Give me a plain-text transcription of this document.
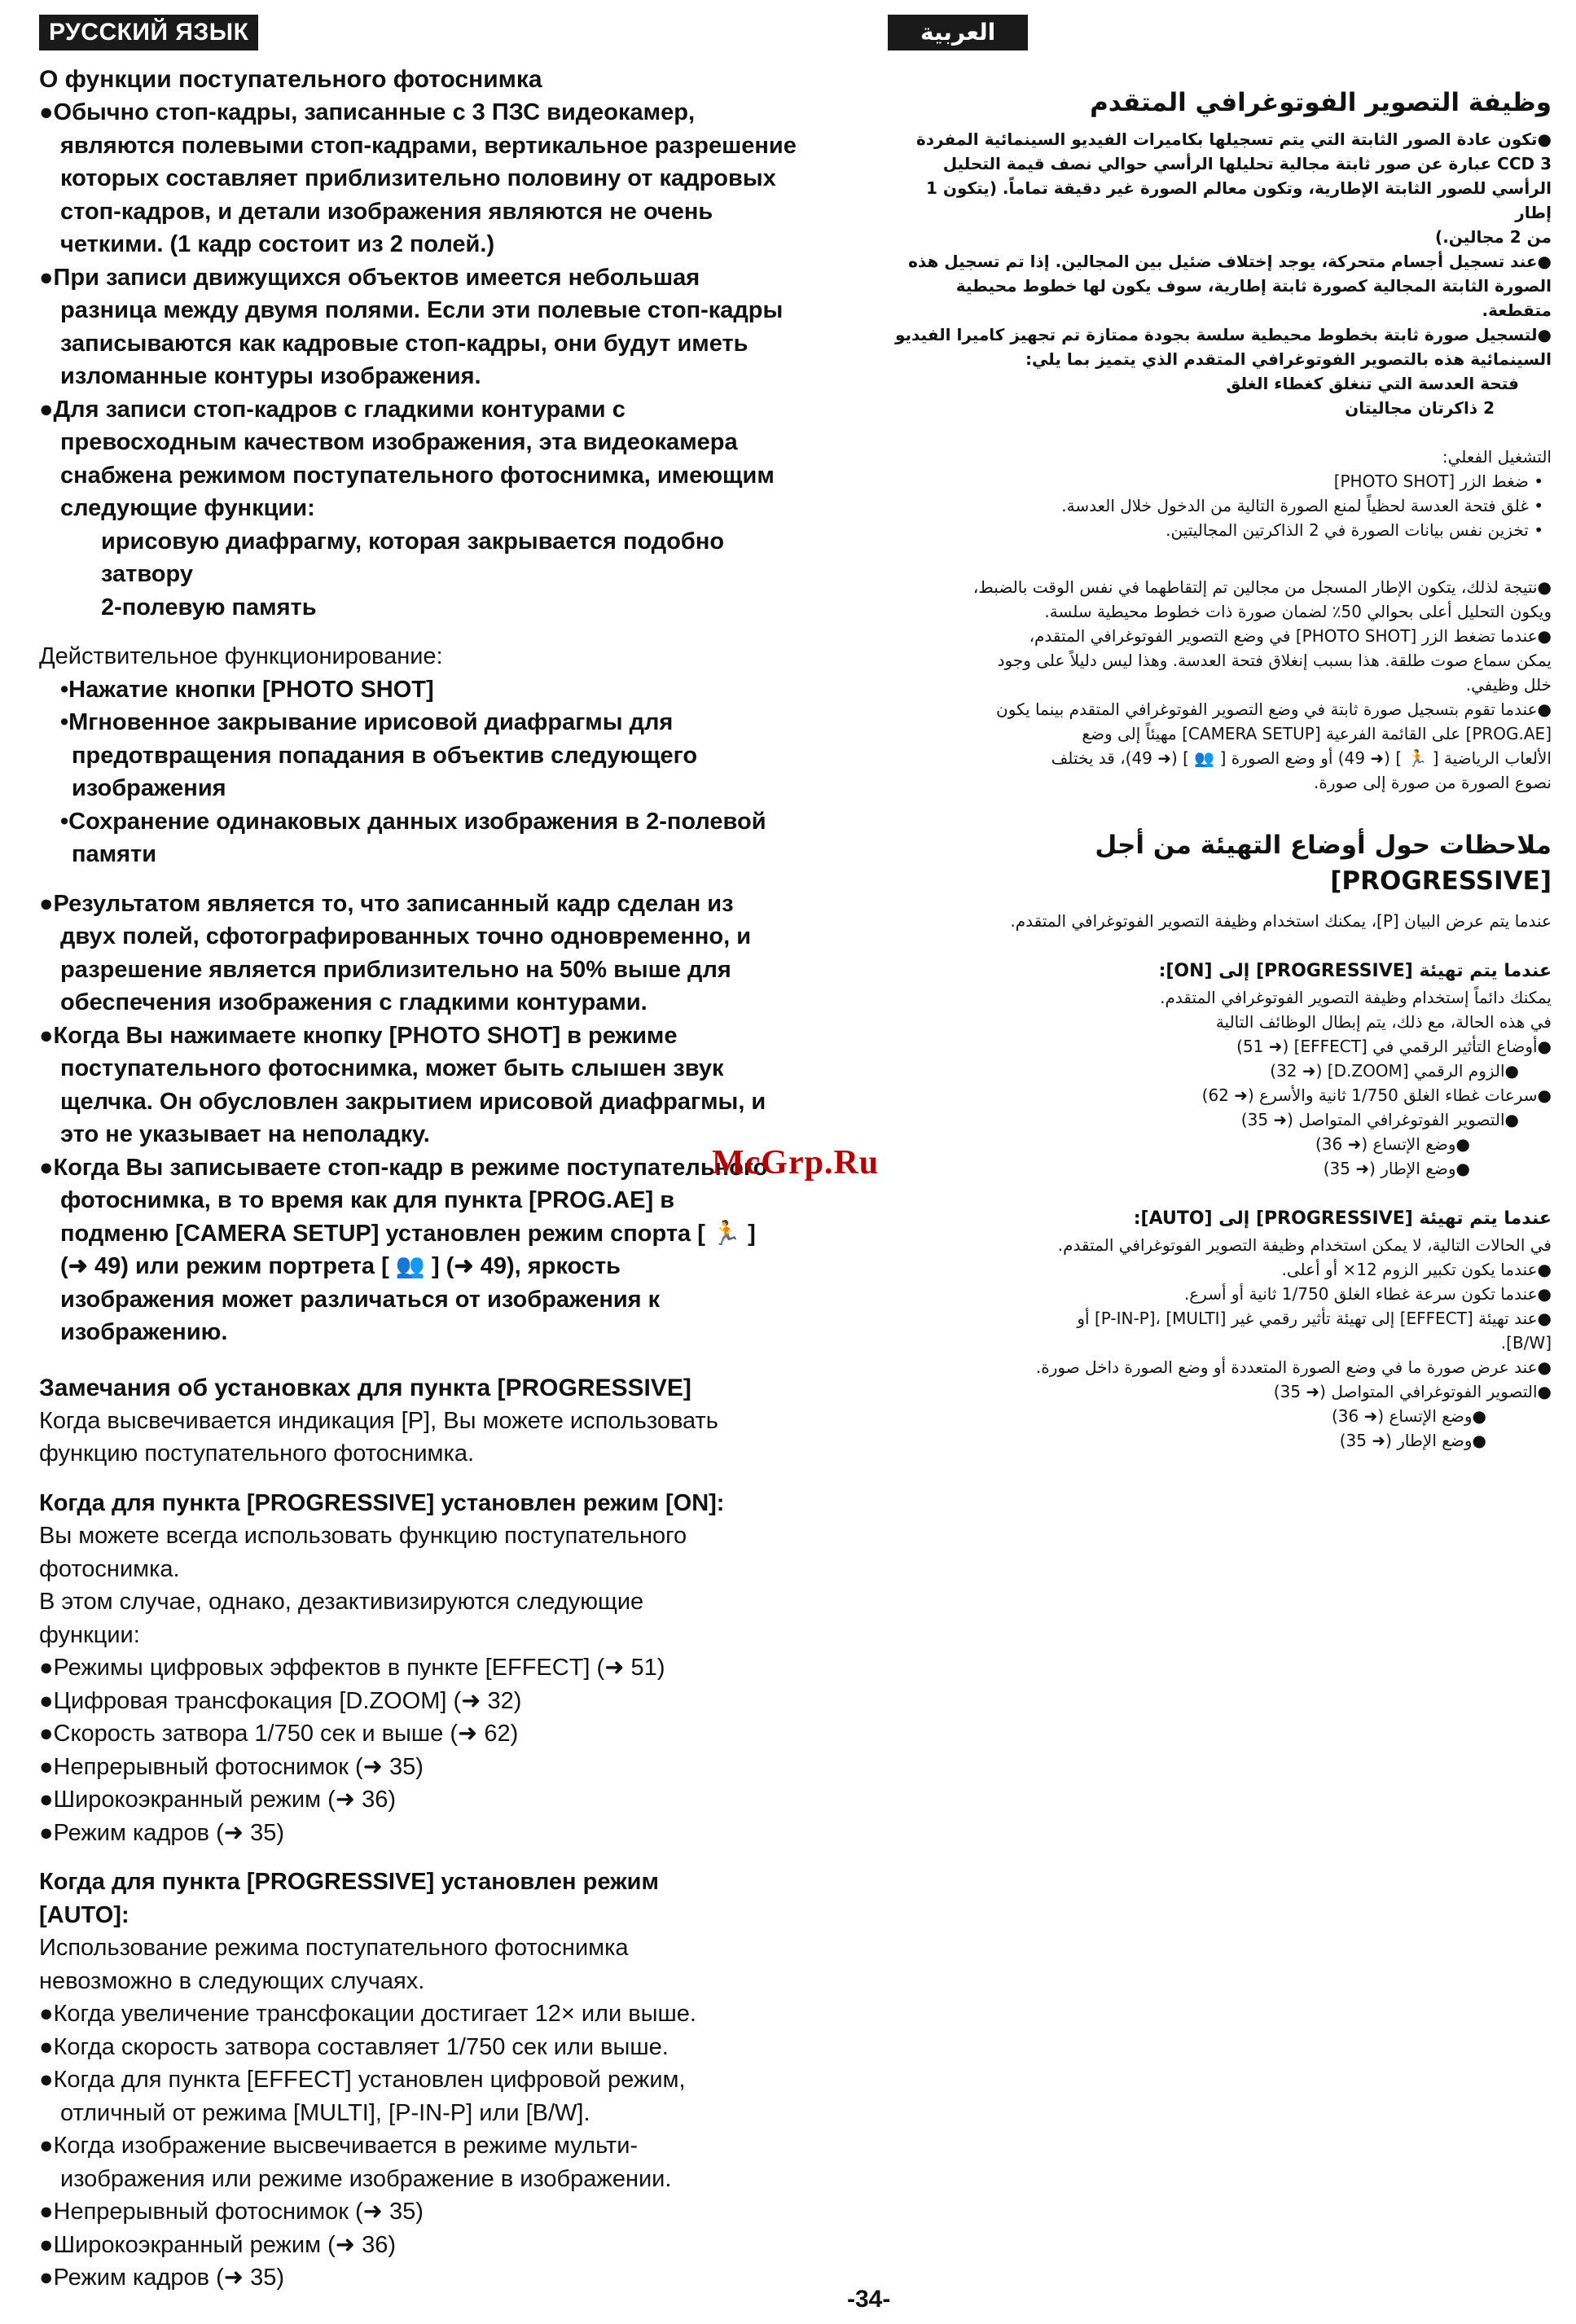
РУССКИЙ ЯЗЫК
О функции поступательного фотоснимка

●Обычно стоп-кадры, записанные с 3 ПЗС видеокамер,

являются полевыми стоп-кадрами, вертикальное разрешение

которых составляет приблизительно половину от кадровых

стоп-кадров, и детали изображения являются не очень

четкими. (1 кадр состоит из 2 полей.)

●При записи движущихся объектов имеется небольшая

разница между двумя полями. Если эти полевые стоп-кадры

записываются как кадровые стоп-кадры, они будут иметь

изломанные контуры изображения.

●Для записи стоп-кадров с гладкими контурами с

превосходным качеством изображения, эта видеокамера

снабжена режимом поступательного фотоснимка, имеющим

следующие функции:

ирисовую диафрагму, которая закрывается подобно

затвору

2-полевую память

Действительное функционирование:

•Нажатие кнопки [PHOTO SHOT]

•Мгновенное закрывание ирисовой диафрагмы для

предотвращения попадания в объектив следующего

изображения

•Сохранение одинаковых данных изображения в 2-полевой

памяти

●Результатом является то, что записанный кадр сделан из

двух полей, сфотографированных точно одновременно, и

разрешение является приблизительно на 50% выше для

обеспечения изображения с гладкими контурами.

●Когда Вы нажимаете кнопку [PHOTO SHOT] в режиме

поступательного фотоснимка, может быть слышен звук

щелчка. Он обусловлен закрытием ирисовой диафрагмы, и

это не указывает на неполадку.

●Когда Вы записываете стоп-кадр в режиме поступательного

фотоснимка, в то время как для пункта [PROG.AE] в

подменю [CAMERA SETUP] установлен режим спорта [ 🏃 ]

(➜ 49) или режим портрета [ 👥 ] (➜ 49), яркость

изображения может различаться от изображения к

изображению.

Замечания об установках для пункта [PROGRESSIVE]

Когда высвечивается индикация [P], Вы можете использовать

функцию поступательного фотоснимка.

Когда для пункта [PROGRESSIVE] установлен режим [ON]:

Вы можете всегда использовать функцию поступательного

фотоснимка.

В этом случае, однако, дезактивизируются следующие

функции:

●Режимы цифровых эффектов в пункте [EFFECT] (➜ 51)

●Цифровая трансфокация [D.ZOOM] (➜ 32)

●Скорость затвора 1/750 сек и выше (➜ 62)

●Непрерывный фотоснимок (➜ 35)

●Широкоэкранный режим (➜ 36)

●Режим кадров (➜ 35)

Когда для пункта [PROGRESSIVE] установлен режим

[AUTO]:

Использование режима поступательного фотоснимка

невозможно в следующих случаях.

●Когда увеличение трансфокации достигает 12× или выше.

●Когда скорость затвора составляет 1/750 сек или выше.

●Когда для пункта [EFFECT] установлен цифровой режим,

отличный от режима [MULTI], [P-IN-P] или [B/W].

●Когда изображение высвечивается в режиме мульти-

изображения или режиме изображение в изображении.

●Непрерывный фотоснимок (➜ 35)

●Широкоэкранный режим (➜ 36)

●Режим кадров (➜ 35)

العربية
وظيفة التصوير الفوتوغرافي المتقدم

●تكون عادة الصور الثابتة التي يتم تسجيلها بكاميرات الفيديو السينمائية المفردة

3 CCD عبارة عن صور ثابتة مجالية تحليلها الرأسي حوالي نصف قيمة التحليل

الرأسي للصور الثابتة الإطارية، وتكون معالم الصورة غير دقيقة تماماً. (يتكون 1 إطار

من 2 مجالين.)

●عند تسجيل أجسام متحركة، يوجد إختلاف ضئيل بين المجالين. إذا تم تسجيل هذه

الصورة الثابتة المجالية كصورة ثابتة إطارية، سوف يكون لها خطوط محيطية متقطعة.

●لتسجيل صورة ثابتة بخطوط محيطية سلسة بجودة ممتازة تم تجهيز كاميرا الفيديو

السينمائية هذه بالتصوير الفوتوغرافي المتقدم الذي يتميز بما يلي:

فتحة العدسة التي تنغلق كغطاء الغلق

2 ذاكرتان مجاليتان

التشغيل الفعلي:

• ضغط الزر [PHOTO SHOT]

• غلق فتحة العدسة لحظياً لمنع الصورة التالية من الدخول خلال العدسة.

• تخزين نفس بيانات الصورة في 2 الذاكرتين المجاليتين.

●نتيجة لذلك، يتكون الإطار المسجل من مجالين تم إلتقاطهما في نفس الوقت بالضبط،

ويكون التحليل أعلى بحوالي 50٪ لضمان صورة ذات خطوط محيطية سلسة.

●عندما تضغط الزر [PHOTO SHOT] في وضع التصوير الفوتوغرافي المتقدم،

يمكن سماع صوت طلقة. هذا بسبب إنغلاق فتحة العدسة. وهذا ليس دليلاً على وجود

خلل وظيفي.

●عندما تقوم بتسجيل صورة ثابتة في وضع التصوير الفوتوغرافي المتقدم بينما يكون

[PROG.AE] على القائمة الفرعية [CAMERA SETUP] مهيئاً إلى وضع

الألعاب الرياضية [ 🏃 ] (➜ 49) أو وضع الصورة [ 👥 ] (➜ 49)، قد يختلف

نصوع الصورة من صورة إلى صورة.

ملاحظات حول أوضاع التهيئة من أجل
[PROGRESSIVE]

عندما يتم عرض البيان [P]، يمكنك استخدام وظيفة التصوير الفوتوغرافي المتقدم.

عندما يتم تهيئة [PROGRESSIVE] إلى [ON]:

يمكنك دائماً إستخدام وظيفة التصوير الفوتوغرافي المتقدم.

في هذه الحالة، مع ذلك، يتم إبطال الوظائف التالية

●أوضاع التأثير الرقمي في [EFFECT] (➜ 51)

●الزوم الرقمي [D.ZOOM] (➜ 32)

●سرعات غطاء الغلق 1/750 ثانية والأسرع (➜ 62)

●التصوير الفوتوغرافي المتواصل (➜ 35)

●وضع الإتساع (➜ 36)

●وضع الإطار (➜ 35)

عندما يتم تهيئة [PROGRESSIVE] إلى [AUTO]:

في الحالات التالية، لا يمكن استخدام وظيفة التصوير الفوتوغرافي المتقدم.

●عندما يكون تكبير الزوم 12× أو أعلى.

●عندما تكون سرعة غطاء الغلق 1/750 ثانية أو أسرع.

●عند تهيئة [EFFECT] إلى تهيئة تأثير رقمي غير [MULTI] ،[P-IN-P] أو

[B/W].

●عند عرض صورة ما في وضع الصورة المتعددة أو وضع الصورة داخل صورة.

●التصوير الفوتوغرافي المتواصل (➜ 35)

●وضع الإتساع (➜ 36)

●وضع الإطار (➜ 35)

McGrp.Ru
-34-
